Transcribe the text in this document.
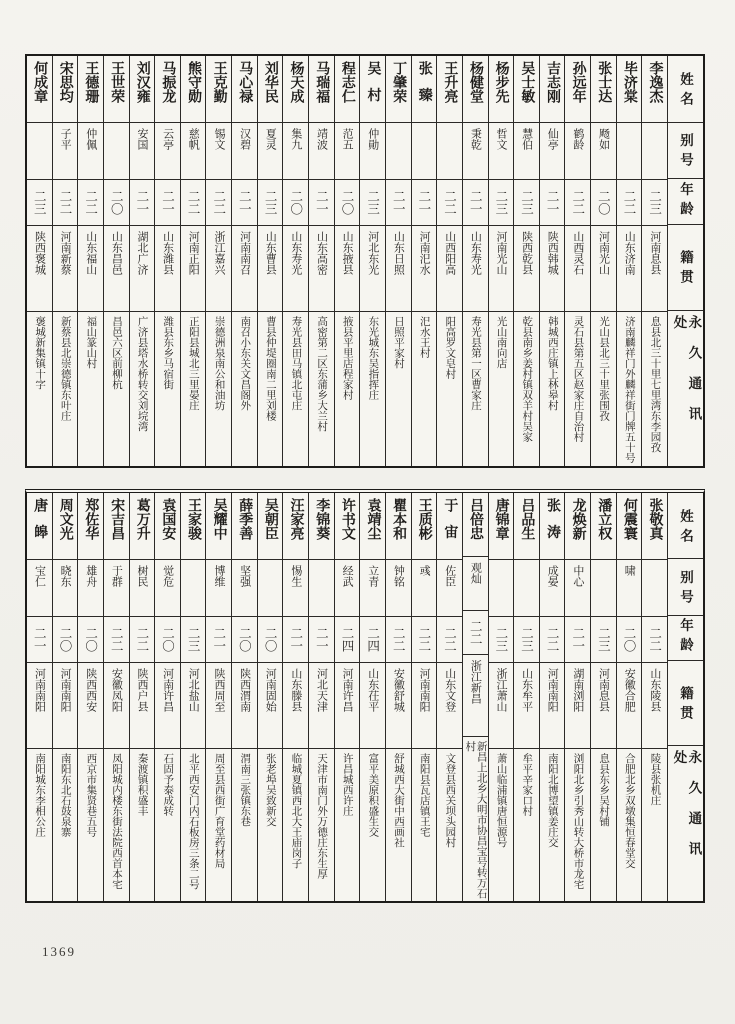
姓名
别号
年龄
籍贯
永久通讯处
李逸杰
二三
河南息县
息县北三十里七里湾东李园孜
毕济棠
二二
山东济南
济南麟祥门外麟祥街门牌五十号
张士达
飏如
二〇
河南光山
光山县北三十里张围孜
孙远年
鹤龄
二二
山西灵石
灵石县第五区赵家庄自治村
吉志刚
仙亭
二一
陕西韩城
韩城西庄镇上林皋村
吴士敏
慧伯
二三
陕西乾县
乾县南乡姜村镇双羊村吴家
杨步先
哲文
二三
河南光山
光山南向店
杨健堂
秉乾
二一
山东寿光
寿光县第一区曹家庄
王升亮
二二
山西阳高
阳高罗文皂村
张臻
二一
河南汜水
汜水王村
丁肇荣
二一
山东日照
日照平家村
吴村
仲勛
二三
河北东光
东光城东吴指挥庄
程志仁
范五
二〇
山东掖县
掖县平里店程家村
马瑞福
靖波
二一
山东高密
高密第二区东蒲乡大兰村
杨天成
集九
二〇
山东寿光
寿光县田马镇北屯庄
刘华民
夏灵
二三
山东曹县
曹县仲堤圈南二里刘楼
马心禄
汉碧
二一
河南南召
南召小东关文昌阁外
王克勤
锡文
二二
浙江嘉兴
崇德洲泉南公和油坊
熊守勋
慈帆
二二
河南正阳
正阳县城北三里晏庄
马振龙
云亭
二一
山东潍县
潍县东乡马宿街
刘汉雍
安国
二一
湖北广济
广济县塔水桥转交刘垸湾
王世荣
二〇
山东昌邑
昌邑六区前柳杭
王德珊
仲佩
二二
山东福山
福山篆山村
宋思均
子平
二二
河南新蔡
新蔡县北崇德镇东叶庄
何成章
二三
陕西褒城
褒城新集镇十字
姓名
别号
年龄
籍贯
永久通讯处
张敬真
二二
山东陵县
陵县张机庄
何震寰
啸
二〇
安徽合肥
合肥北乡双墩集恒春堂交
潘立权
二三
河南息县
息县东乡吴村铺
龙焕新
中心
二一
湖南浏阳
浏阳北乡引秀山转大桥市龙宅
张涛
成晏
二二
河南南阳
南阳北博望镇姜庄交
吕品生
二三
山东牟平
牟平辛家口村
唐锦章
二三
浙江萧山
萧山临浦镇唐恒源号
吕倍忠
观灿
二二
浙江新昌
新昌上北乡大明市协昌宝号转万石村
于宙
佐臣
二二
山东文登
文登县西关坝头园村
王质彬
彧
二二
河南南阳
南阳县瓦店镇王宅
瞿本和
钟铭
二二
安徽舒城
舒城西大街中西画社
袁靖尘
立青
二四
山东茌平
富平美原积盛生交
许书文
经武
二四
河南许昌
许昌城西许庄
李锦葵
二一
河北天津
天津市南门外万德庄东生厚
汪家亮
惕生
二一
山东滕县
临城夏镇西北大王庙岗子
吴朝臣
二〇
河南固始
张老埠吴致新交
薛季善
坚强
二〇
陕西渭南
渭南三张镇东巷
吴耀中
博维
二一
陕西周至
周至县西街广育堂药材局
王家骏
二三
河北盐山
北平西安门内石板房三条二号
袁国安
觉危
二〇
河南许昌
石固予泰成转
葛万升
树民
二二
陕西户县
秦渡镇积盛丰
宋吉昌
于群
二二
安徽凤阳
凤阳城内楼东街法院西首本宅
郑佐华
雄舟
二〇
陕西西安
西京市集贤巷五号
周文光
晓东
二〇
河南南阳
南阳东北石鼓泉寨
唐皞
宝仁
二一
河南南阳
南阳城东李相公庄
1369
